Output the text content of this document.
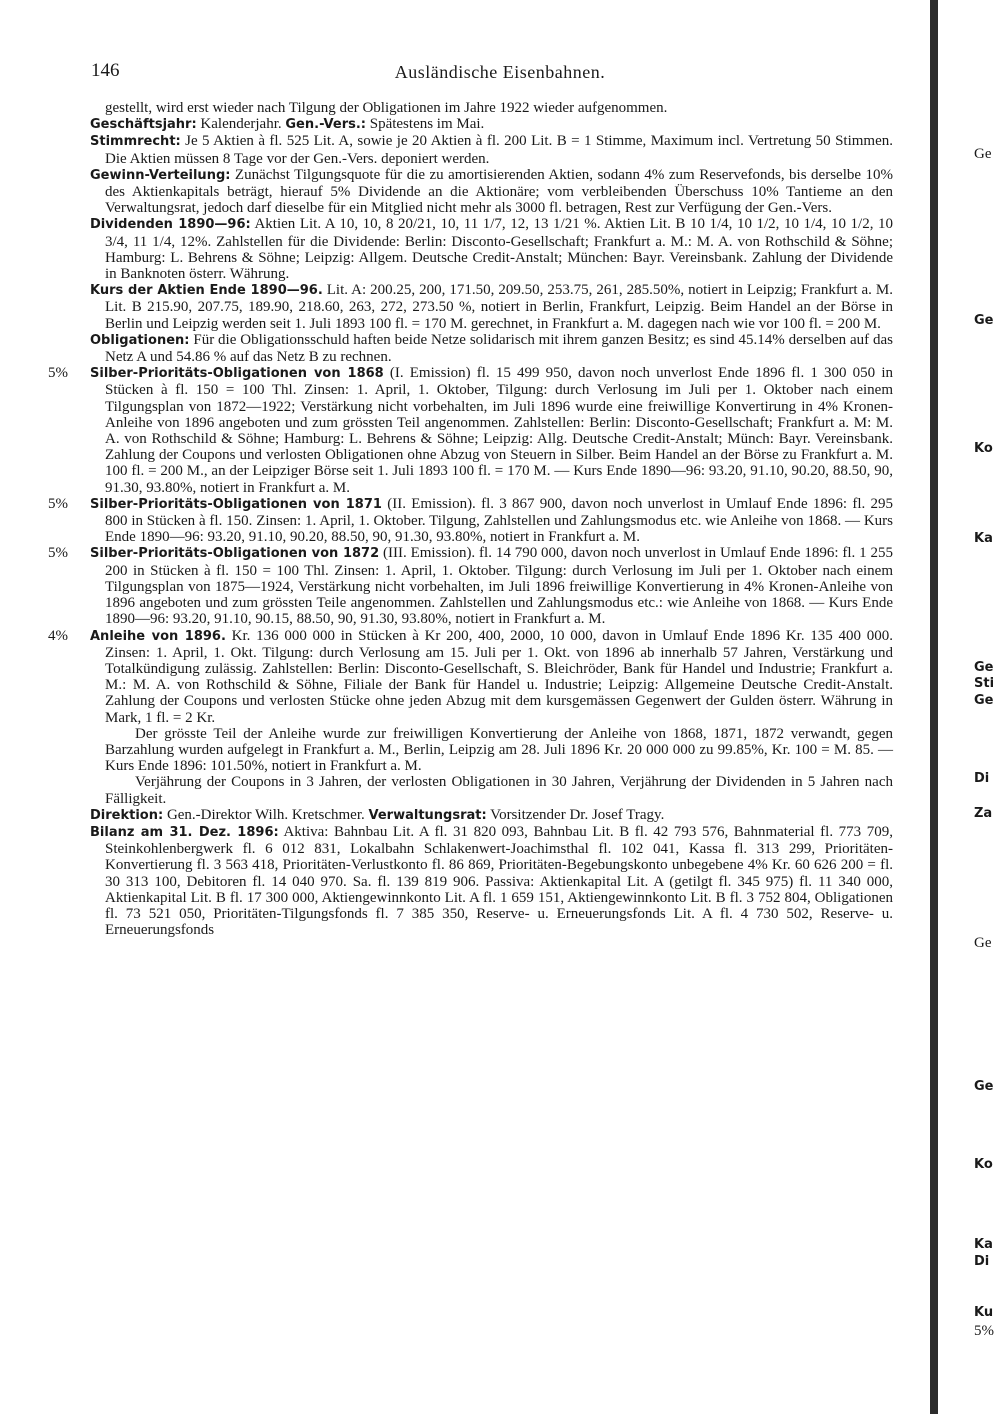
146	Ausländische Eisenbahnen.

gestellt, wird erst wieder nach Tilgung der Obligationen im Jahre 1922 wieder aufgenommen.

Geschäftsjahr: Kalenderjahr. Gen.-Vers.: Spätestens im Mai.

Stimmrecht: Je 5 Aktien à fl. 525 Lit. A, sowie je 20 Aktien à fl. 200 Lit. B = 1 Stimme, Maximum incl. Vertretung 50 Stimmen. Die Aktien müssen 8 Tage vor der Gen.-Vers. deponiert werden.

Gewinn-Verteilung: Zunächst Tilgungsquote für die zu amortisierenden Aktien, sodann 4% zum Reservefonds, bis derselbe 10% des Aktienkapitals beträgt, hierauf 5% Dividende an die Aktionäre; vom verbleibenden Überschuss 10% Tantieme an den Verwaltungsrat, jedoch darf dieselbe für ein Mitglied nicht mehr als 3000 fl. betragen, Rest zur Verfügung der Gen.-Vers.

Dividenden 1890—96: Aktien Lit. A 10, 10, 8 20/21, 10, 11 1/7, 12, 13 1/21 %. Aktien Lit. B 10 1/4, 10 1/2, 10 1/4, 10 1/2, 10 3/4, 11 1/4, 12%. Zahlstellen für die Dividende: Berlin: Disconto-Gesellschaft; Frankfurt a. M.: M. A. von Rothschild & Söhne; Hamburg: L. Behrens & Söhne; Leipzig: Allgem. Deutsche Credit-Anstalt; München: Bayr. Vereinsbank. Zahlung der Dividende in Banknoten österr. Währung.

Kurs der Aktien Ende 1890—96. Lit. A: 200.25, 200, 171.50, 209.50, 253.75, 261, 285.50%, notiert in Leipzig; Frankfurt a. M. Lit. B 215.90, 207.75, 189.90, 218.60, 263, 272, 273.50 %, notiert in Berlin, Frankfurt, Leipzig. Beim Handel an der Börse in Berlin und Leipzig werden seit 1. Juli 1893 100 fl. = 170 M. gerechnet, in Frankfurt a. M. dagegen nach wie vor 100 fl. = 200 M.

Obligationen: Für die Obligationsschuld haften beide Netze solidarisch mit ihrem ganzen Besitz; es sind 45.14% derselben auf das Netz A und 54.86 % auf das Netz B zu rechnen.

5% Silber-Prioritäts-Obligationen von 1868 (I. Emission) fl. 15 499 950, davon noch unverlost Ende 1896 fl. 1 300 050 in Stücken à fl. 150 = 100 Thl. Zinsen: 1. April, 1. Oktober, Tilgung: durch Verlosung im Juli per 1. Oktober nach einem Tilgungsplan von 1872—1922; Verstärkung nicht vorbehalten, im Juli 1896 wurde eine freiwillige Konvertirung in 4% Kronen-Anleihe von 1896 angeboten und zum grössten Teil angenommen. Zahlstellen: Berlin: Disconto-Gesellschaft; Frankfurt a. M: M. A. von Rothschild & Söhne; Hamburg: L. Behrens & Söhne; Leipzig: Allg. Deutsche Credit-Anstalt; Münch: Bayr. Vereinsbank. Zahlung der Coupons und verlosten Obligationen ohne Abzug von Steuern in Silber. Beim Handel an der Börse zu Frankfurt a. M. 100 fl. = 200 M., an der Leipziger Börse seit 1. Juli 1893 100 fl. = 170 M. — Kurs Ende 1890—96: 93.20, 91.10, 90.20, 88.50, 90, 91.30, 93.80%, notiert in Frankfurt a. M.

5% Silber-Prioritäts-Obligationen von 1871 (II. Emission). fl. 3 867 900, davon noch unverlost in Umlauf Ende 1896: fl. 295 800 in Stücken à fl. 150. Zinsen: 1. April, 1. Oktober. Tilgung, Zahlstellen und Zahlungsmodus etc. wie Anleihe von 1868. — Kurs Ende 1890—96: 93.20, 91.10, 90.20, 88.50, 90, 91.30, 93.80%, notiert in Frankfurt a. M.

5% Silber-Prioritäts-Obligationen von 1872 (III. Emission). fl. 14 790 000, davon noch unverlost in Umlauf Ende 1896: fl. 1 255 200 in Stücken à fl. 150 = 100 Thl. Zinsen: 1. April, 1. Oktober. Tilgung: durch Verlosung im Juli per 1. Oktober nach einem Tilgungsplan von 1875—1924, Verstärkung nicht vorbehalten, im Juli 1896 freiwillige Konvertierung in 4% Kronen-Anleihe von 1896 angeboten und zum grössten Teile angenommen. Zahlstellen und Zahlungsmodus etc.: wie Anleihe von 1868. — Kurs Ende 1890—96: 93.20, 91.10, 90.15, 88.50, 90, 91.30, 93.80%, notiert in Frankfurt a. M.

4% Anleihe von 1896. Kr. 136 000 000 in Stücken à Kr 200, 400, 2000, 10 000, davon in Umlauf Ende 1896 Kr. 135 400 000. Zinsen: 1. April, 1. Okt. Tilgung: durch Verlosung am 15. Juli per 1. Okt. von 1896 ab innerhalb 57 Jahren, Verstärkung und Totalkündigung zulässig. Zahlstellen: Berlin: Disconto-Gesellschaft, S. Bleichröder, Bank für Handel und Industrie; Frankfurt a. M.: M. A. von Rothschild & Söhne, Filiale der Bank für Handel u. Industrie; Leipzig: Allgemeine Deutsche Credit-Anstalt. Zahlung der Coupons und verlosten Stücke ohne jeden Abzug mit dem kursgemässen Gegenwert der Gulden österr. Währung in Mark, 1 fl. = 2 Kr.

Der grösste Teil der Anleihe wurde zur freiwilligen Konvertierung der Anleihe von 1868, 1871, 1872 verwandt, gegen Barzahlung wurden aufgelegt in Frankfurt a. M., Berlin, Leipzig am 28. Juli 1896 Kr. 20 000 000 zu 99.85%, Kr. 100 = M. 85. — Kurs Ende 1896: 101.50%, notiert in Frankfurt a. M.

Verjährung der Coupons in 3 Jahren, der verlosten Obligationen in 30 Jahren, Verjährung der Dividenden in 5 Jahren nach Fälligkeit.

Direktion: Gen.-Direktor Wilh. Kretschmer. Verwaltungsrat: Vorsitzender Dr. Josef Tragy.

Bilanz am 31. Dez. 1896: Aktiva: Bahnbau Lit. A fl. 31 820 093, Bahnbau Lit. B fl. 42 793 576, Bahnmaterial fl. 773 709, Steinkohlenbergwerk fl. 6 012 831, Lokalbahn Schlakenwert-Joachimsthal fl. 102 041, Kassa fl. 313 299, Prioritäten-Konvertierung fl. 3 563 418, Prioritäten-Verlustkonto fl. 86 869, Prioritäten-Begebungskonto unbegebene 4% Kr. 60 626 200 = fl. 30 313 100, Debitoren fl. 14 040 970. Sa. fl. 139 819 906. Passiva: Aktienkapital Lit. A (getilgt fl. 345 975) fl. 11 340 000, Aktienkapital Lit. B fl. 17 300 000, Aktiengewinnkonto Lit. A fl. 1 659 151, Aktiengewinnkonto Lit. B fl. 3 752 804, Obligationen fl. 73 521 050, Prioritäten-Tilgungsfonds fl. 7 385 350, Reserve- u. Erneuerungsfonds Lit. A fl. 4 730 502, Reserve- u. Erneuerungsfonds

Ge
Ge
Ko
Ka
Ge
Sti
Ge
Di
Za
Ge
Ge
Ko
Ka
Di
Ku
5%
